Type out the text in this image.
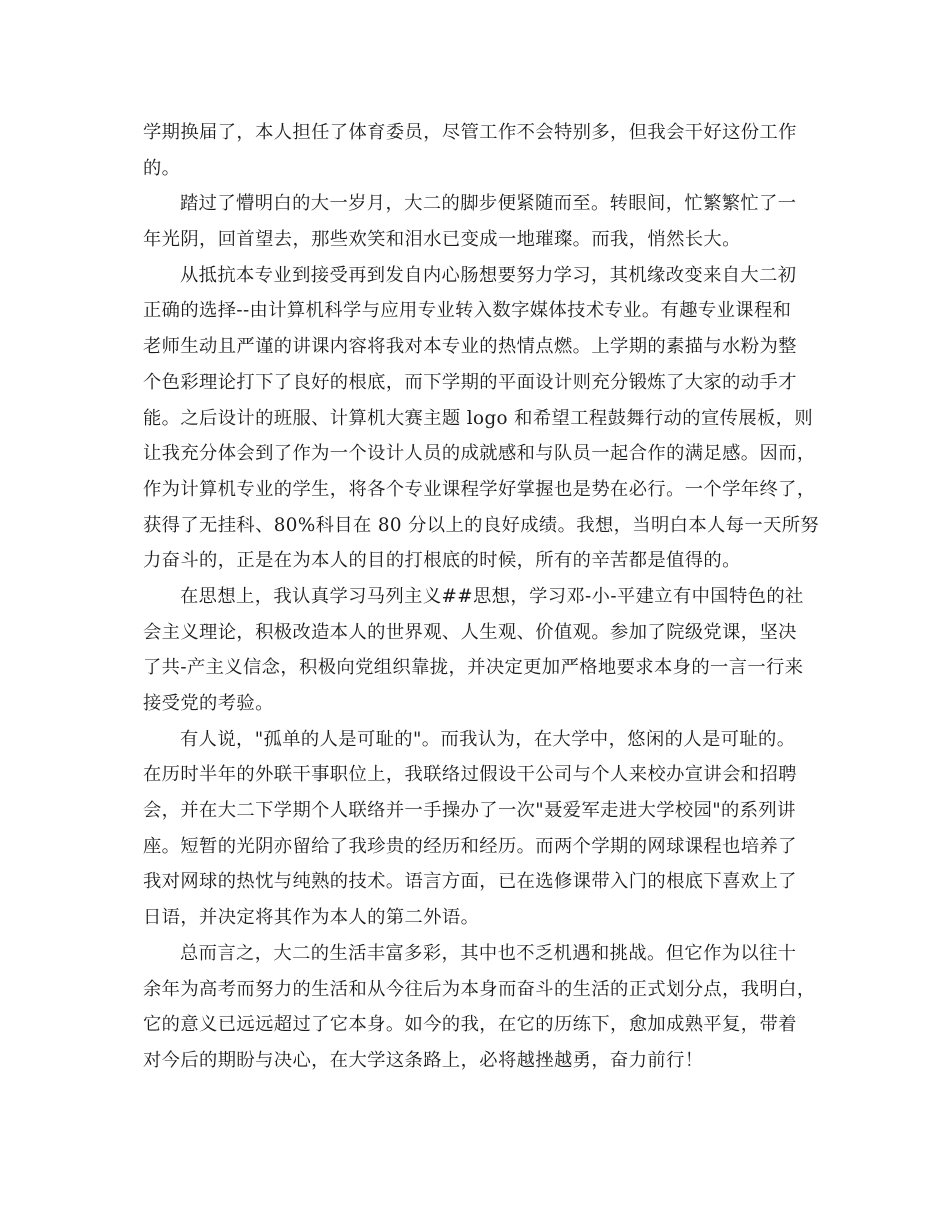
学期换届了，本人担任了体育委员，尽管工作不会特别多，但我会干好这份工作
的。
踏过了懵明白的大一岁月，大二的脚步便紧随而至。转眼间，忙繁繁忙了一
年光阴，回首望去，那些欢笑和泪水已变成一地璀璨。而我，悄然长大。
从抵抗本专业到接受再到发自内心肠想要努力学习，其机缘改变来自大二初
正确的选择--由计算机科学与应用专业转入数字媒体技术专业。有趣专业课程和
老师生动且严谨的讲课内容将我对本专业的热情点燃。上学期的素描与水粉为整
个色彩理论打下了良好的根底，而下学期的平面设计则充分锻炼了大家的动手才
能。之后设计的班服、计算机大赛主题 logo 和希望工程鼓舞行动的宣传展板，则
让我充分体会到了作为一个设计人员的成就感和与队员一起合作的满足感。因而，
作为计算机专业的学生，将各个专业课程学好掌握也是势在必行。一个学年终了，
获得了无挂科、80%科目在 80 分以上的良好成绩。我想，当明白本人每一天所努
力奋斗的，正是在为本人的目的打根底的时候，所有的辛苦都是值得的。
在思想上，我认真学习马列主义##思想，学习邓-小-平建立有中国特色的社
会主义理论，积极改造本人的世界观、人生观、价值观。参加了院级党课，坚决
了共-产主义信念，积极向党组织靠拢，并决定更加严格地要求本身的一言一行来
接受党的考验。
有人说，"孤单的人是可耻的"。而我认为，在大学中，悠闲的人是可耻的。
在历时半年的外联干事职位上，我联络过假设干公司与个人来校办宣讲会和招聘
会，并在大二下学期个人联络并一手操办了一次"聂爱军走进大学校园"的系列讲
座。短暂的光阴亦留给了我珍贵的经历和经历。而两个学期的网球课程也培养了
我对网球的热忱与纯熟的技术。语言方面，已在选修课带入门的根底下喜欢上了
日语，并决定将其作为本人的第二外语。
总而言之，大二的生活丰富多彩，其中也不乏机遇和挑战。但它作为以往十
余年为高考而努力的生活和从今往后为本身而奋斗的生活的正式划分点，我明白，
它的意义已远远超过了它本身。如今的我，在它的历练下，愈加成熟平复，带着
对今后的期盼与决心，在大学这条路上，必将越挫越勇，奋力前行！
